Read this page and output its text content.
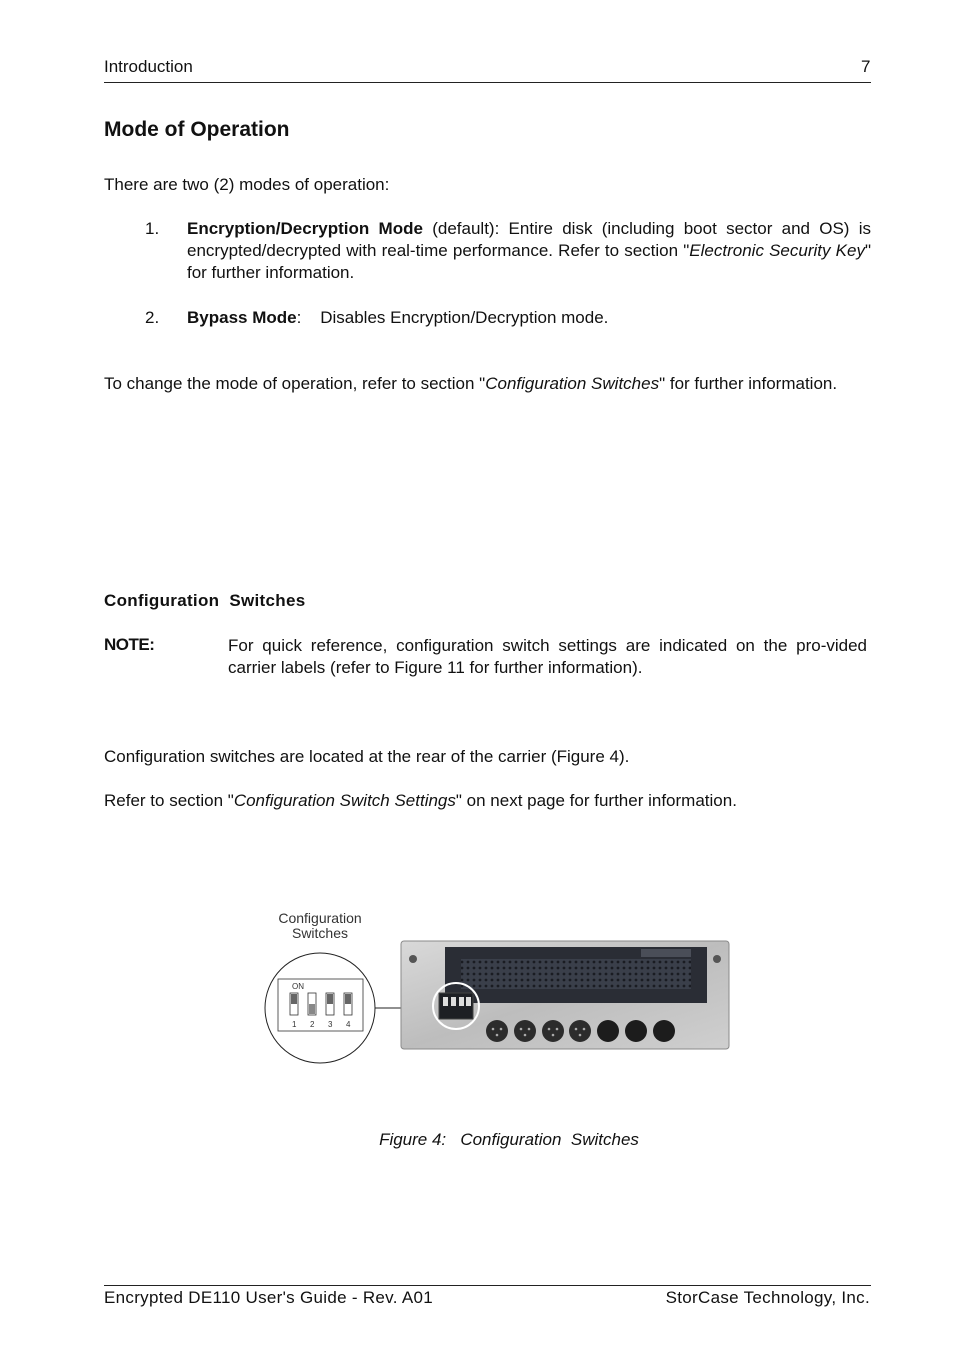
Introduction	7
Mode of Operation
There are two (2) modes of operation:
1. Encryption/Decryption Mode (default): Entire disk (including boot sector and OS) is encrypted/decrypted with real-time performance. Refer to section "Electronic Security Key" for further information.
2. Bypass Mode:    Disables Encryption/Decryption mode.
To change the mode of operation, refer to section "Configuration Switches" for further information.
Configuration  Switches
NOTE:	For quick reference, configuration switch settings are indicated on the pro-vided carrier labels (refer to Figure 11 for further information).
Configuration switches are located at the rear of the carrier (Figure 4).
Refer to section "Configuration Switch Settings" on next page for further information.
Configuration
Switches
ON
1 2 3 4
Figure 4:   Configuration  Switches
Encrypted DE110 User's Guide - Rev. A01	StorCase Technology, Inc.
